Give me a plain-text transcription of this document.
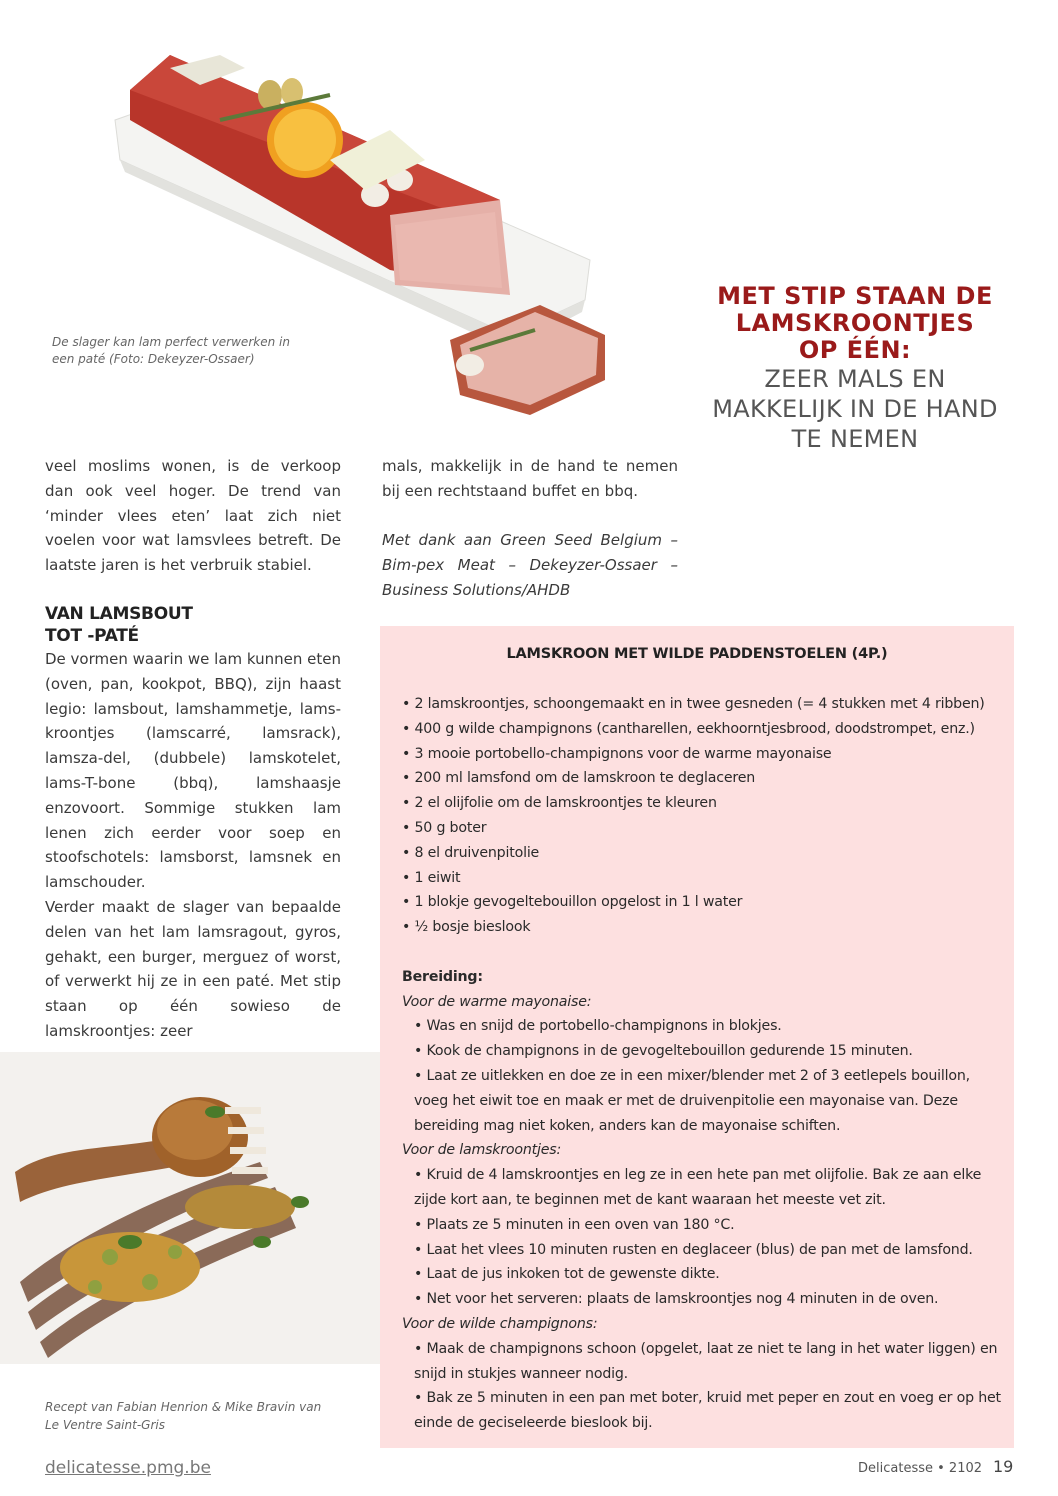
De slager kan lam perfect verwerken in een paté (Foto: Dekeyzer-Ossaer)
MET STIP STAAN DE
LAMSKROONTJES
OP ÉÉN:
ZEER MALS EN
MAKKELIJK IN DE HAND
TE NEMEN

veel moslims wonen, is de verkoop dan ook veel hoger. De trend van ‘minder vlees eten’ laat zich niet voelen voor wat lamsvlees betreft. De laatste jaren is het verbruik stabiel.

VAN LAMSBOUT
TOT -PATÉ

De vormen waarin we lam kunnen eten (oven, pan, kookpot, BBQ), zijn haast legio: lamsbout, lamshammetje, lams-kroontjes (lamscarré, lamsrack), lamsza-del, (dubbele) lamskotelet, lams-T-bone (bbq), lamshaasje enzovoort. Sommige stukken lam lenen zich eerder voor soep en stoofschotels: lamsborst, lamsnek en lamschouder.

Verder maakt de slager van bepaalde delen van het lam lamsragout, gyros, gehakt, een burger, merguez of worst, of verwerkt hij ze in een paté. Met stip staan op één sowieso de lamskroontjes: zeer

mals, makkelijk in de hand te nemen bij een rechtstaand buffet en bbq.

Met dank aan Green Seed Belgium – Bim-pex Meat – Dekeyzer-Ossaer – Business Solutions/AHDB

Recept van Fabian Henrion & Mike Bravin van Le Ventre Saint-Gris
LAMSKROON MET WILDE PADDENSTOELEN (4P.)
• 2 lamskroontjes, schoongemaakt en in twee gesneden (= 4 stukken met 4 ribben)
• 400 g wilde champignons (cantharellen, eekhoorntjesbrood, doodstrompet, enz.)
• 3 mooie portobello-champignons voor de warme mayonaise
• 200 ml lamsfond om de lamskroon te deglaceren
• 2 el olijfolie om de lamskroontjes te kleuren
• 50 g boter
• 8 el druivenpitolie
• 1 eiwit
• 1 blokje gevogeltebouillon opgelost in 1 l water
• ½ bosje bieslook
Bereiding:
Voor de warme mayonaise:
• Was en snijd de portobello-champignons in blokjes.
• Kook de champignons in de gevogeltebouillon gedurende 15 minuten.
• Laat ze uitlekken en doe ze in een mixer/blender met 2 of 3 eetlepels bouillon, voeg het eiwit toe en maak er met de druivenpitolie een mayonaise van. Deze bereiding mag niet koken, anders kan de mayonaise schiften.
Voor de lamskroontjes:
• Kruid de 4 lamskroontjes en leg ze in een hete pan met olijfolie. Bak ze aan elke zijde kort aan, te beginnen met de kant waaraan het meeste vet zit.
• Plaats ze 5 minuten in een oven van 180 °C.
• Laat het vlees 10 minuten rusten en deglaceer (blus) de pan met de lamsfond.
• Laat de jus inkoken tot de gewenste dikte.
• Net voor het serveren: plaats de lamskroontjes nog 4 minuten in de oven.
Voor de wilde champignons:
• Maak de champignons schoon (opgelet, laat ze niet te lang in het water liggen) en snijd in stukjes wanneer nodig.
• Bak ze 5 minuten in een pan met boter, kruid met peper en zout en voeg er op het einde de geciseleerde bieslook bij.
delicatesse.pmg.be	Delicatesse • 2102 19
